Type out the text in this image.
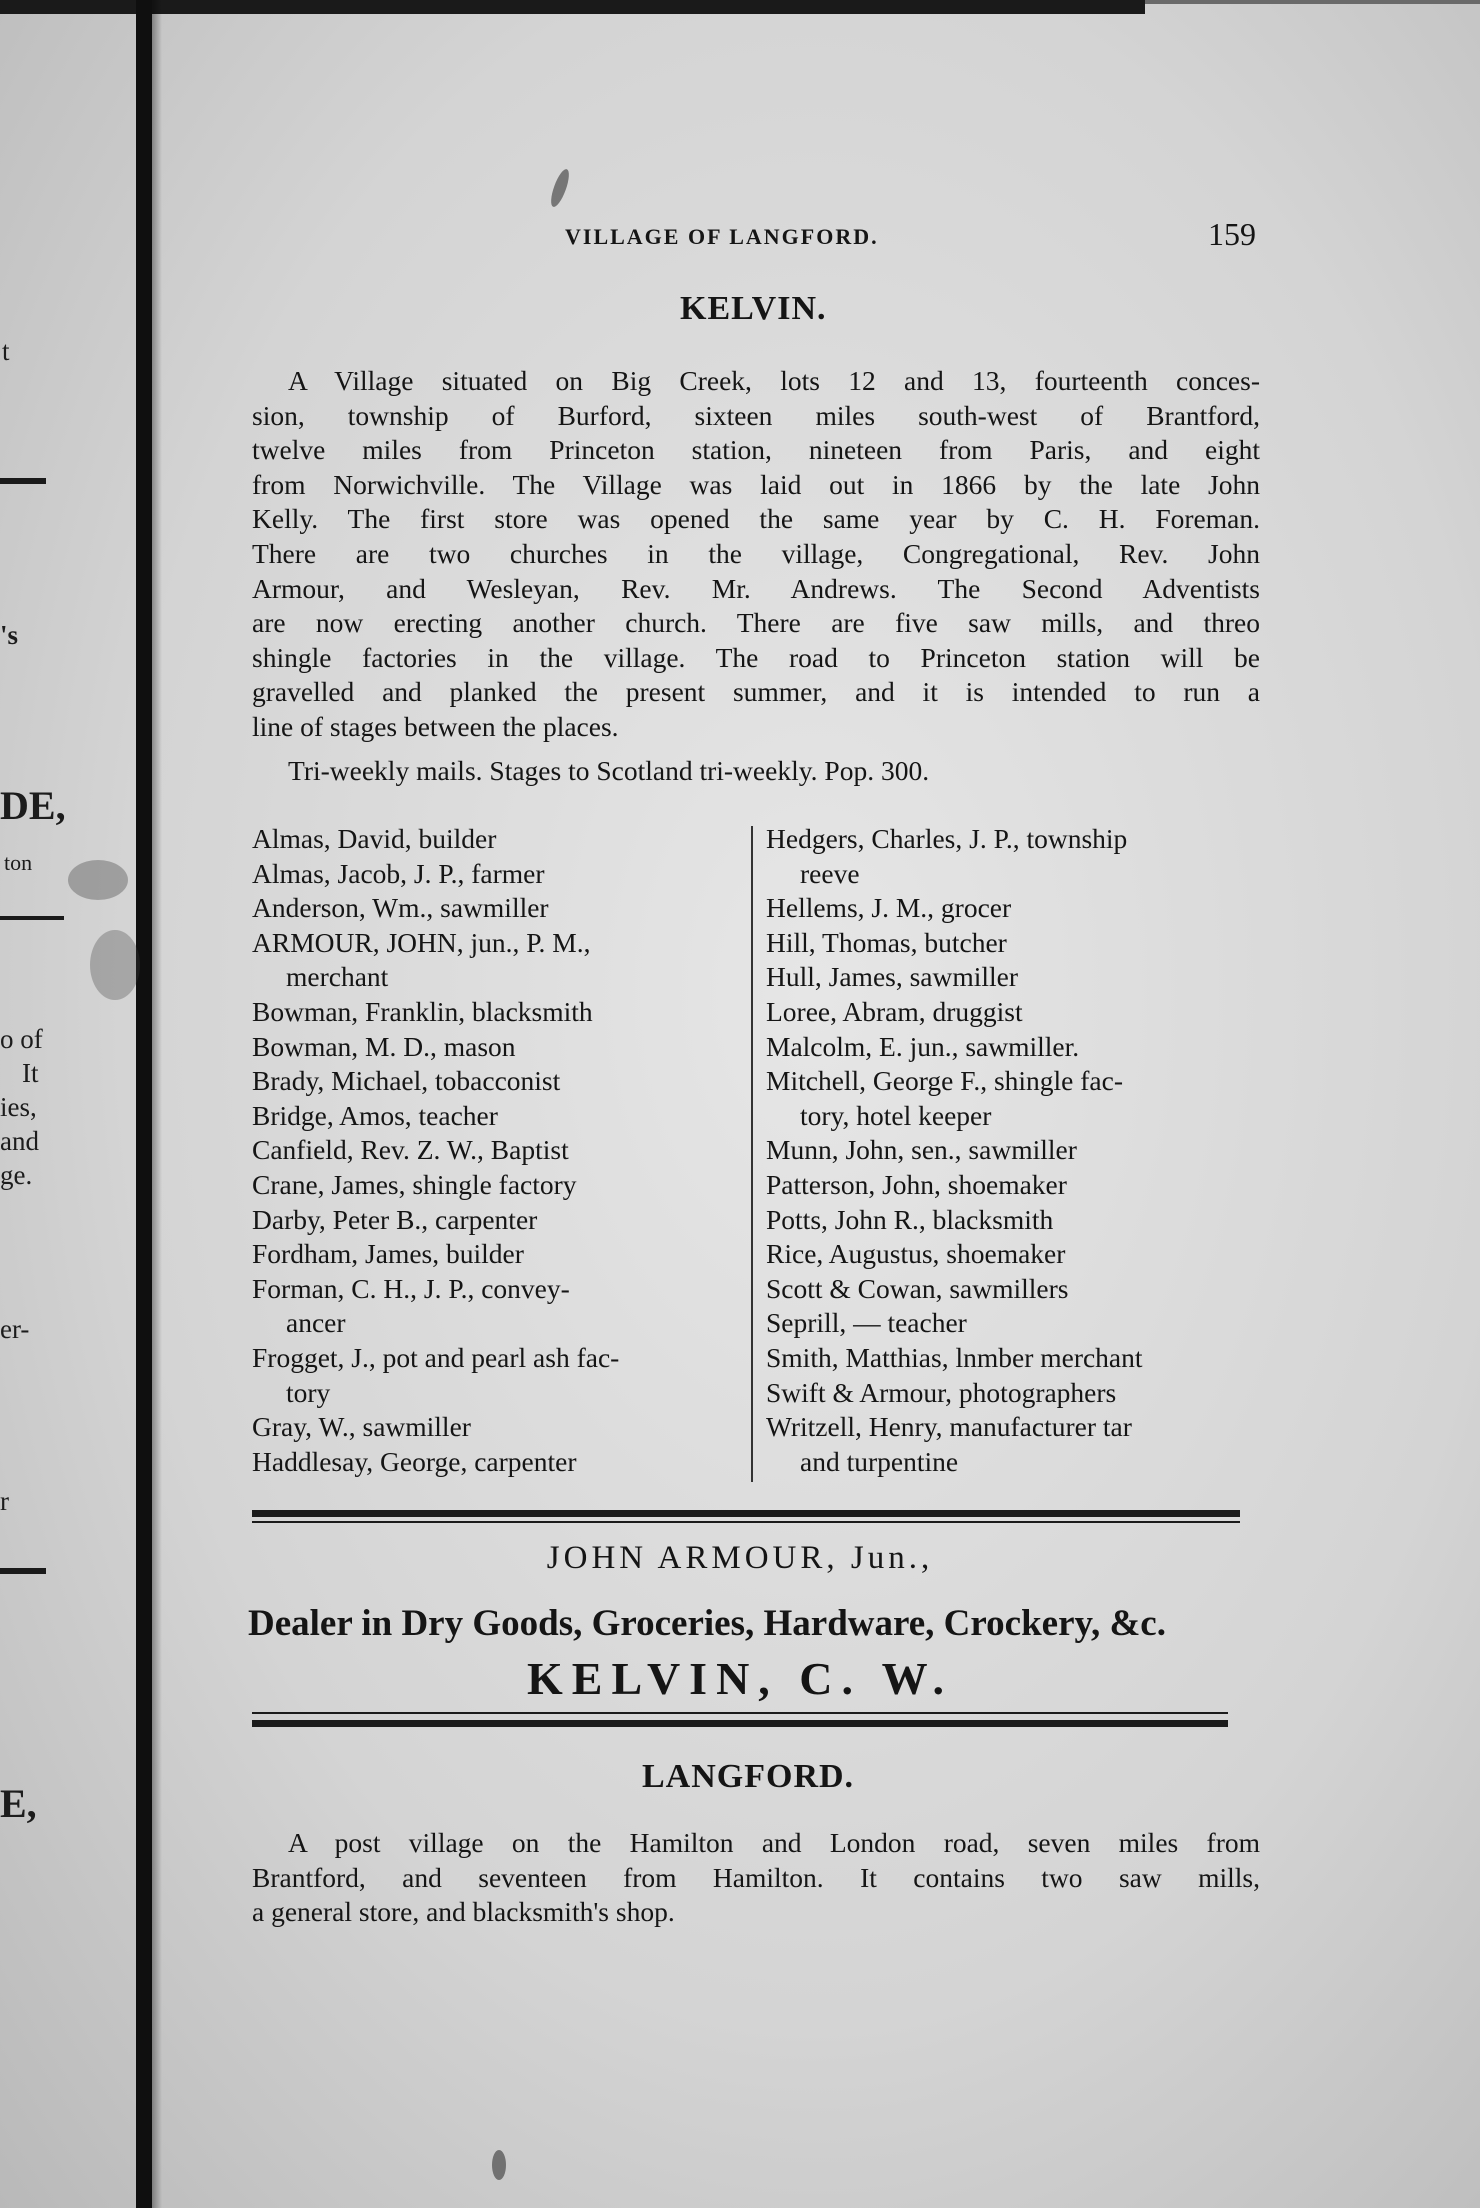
t
's
DE,
ton
o of
It
ies,
and
ge.
er-
r
E,
VILLAGE OF LANGFORD.	159
KELVIN.
A Village situated on Big Creek, lots 12 and 13, fourteenth conces-
sion, township of Burford, sixteen miles south-west of Brantford,
twelve miles from Princeton station, nineteen from Paris, and eight
from Norwichville. The Village was laid out in 1866 by the late John
Kelly. The first store was opened the same year by C. H. Foreman.
There are two churches in the village, Congregational, Rev. John
Armour, and Wesleyan, Rev. Mr. Andrews. The Second Adventists
are now erecting another church. There are five saw mills, and threo
shingle factories in the village. The road to Princeton station will be
gravelled and planked the present summer, and it is intended to run a
line of stages between the places.
Tri-weekly mails. Stages to Scotland tri-weekly. Pop. 300.
Almas, David, builder
Almas, Jacob, J. P., farmer
Anderson, Wm., sawmiller
ARMOUR, JOHN, jun., P. M.,
merchant
Bowman, Franklin, blacksmith
Bowman, M. D., mason
Brady, Michael, tobacconist
Bridge, Amos, teacher
Canfield, Rev. Z. W., Baptist
Crane, James, shingle factory
Darby, Peter B., carpenter
Fordham, James, builder
Forman, C. H., J. P., convey-
ancer
Frogget, J., pot and pearl ash fac-
tory
Gray, W., sawmiller
Haddlesay, George, carpenter
Hedgers, Charles, J. P., township
reeve
Hellems, J. M., grocer
Hill, Thomas, butcher
Hull, James, sawmiller
Loree, Abram, druggist
Malcolm, E. jun., sawmiller.
Mitchell, George F., shingle fac-
tory, hotel keeper
Munn, John, sen., sawmiller
Patterson, John, shoemaker
Potts, John R., blacksmith
Rice, Augustus, shoemaker
Scott & Cowan, sawmillers
Seprill, — teacher
Smith, Matthias, lnmber merchant
Swift & Armour, photographers
Writzell, Henry, manufacturer tar
and turpentine
JOHN ARMOUR, Jun.,
Dealer in Dry Goods, Groceries, Hardware, Crockery, &c.
KELVIN, C. W.
LANGFORD.
A post village on the Hamilton and London road, seven miles from
Brantford, and seventeen from Hamilton. It contains two saw mills,
a general store, and blacksmith's shop.
